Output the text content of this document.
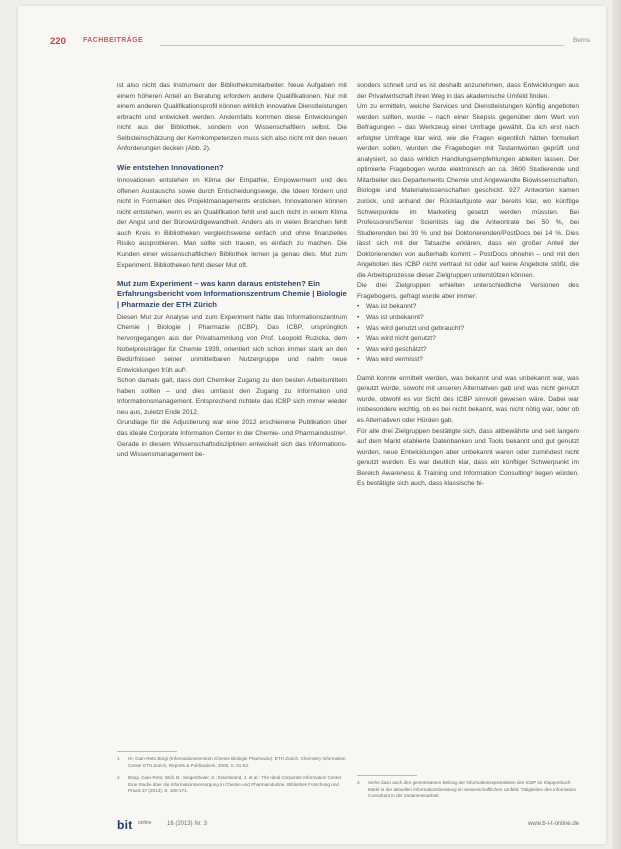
220 FACHBEITRÄGE	Berns

ist also nicht das Instrument der Bibliotheksmitarbeiter. Neue Aufgaben mit einem höheren Anteil an Beratung erfordern andere Qualifikationen. Nur mit einem anderen Qualifikationsprofil können wirklich innovative Dienstleistungen erbracht und entwickelt werden. Andernfalls kommen diese Entwicklungen nicht aus der Bibliothek, sondern von Wissenschaftlern selbst. Die Selbsteinschätzung der Kernkompetenzen muss sich also nicht mit den neuen Anforderungen decken (Abb. 2).

Wie entstehen Innovationen?

Innovationen entstehen im Klima der Empathie, Empowerment und des offenen Austauschs sowie durch Entscheidungswege, die Ideen fördern und nicht in Formalien des Projektmanagements ersticken. Innovationen können nicht entstehen, wenn es an Qualifikation fehlt und auch nicht in einem Klima der Angst und der Bürowürdigewandheit. Anders als in vielen Branchen fehlt auch Kreis in Bibliotheken vergleichsweise einfach und ohne finanzielles Risiko ausprobieren. Man sollte sich trauen, es einfach zu machen. Die Kunden einer wissenschaftlichen Bibliothek lernen ja genau dies. Mut zum Experiment. Bibliotheken fehlt dieser Mut oft.

Mut zum Experiment – was kann daraus entstehen? Ein Erfahrungsbericht vom Informationszentrum Chemie | Biologie | Pharmazie der ETH Zürich

Diesen Mut zur Analyse und zum Experiment hatte das Informationszentrum Chemie | Biologie | Pharmazie (ICBP). Das ICBP, ursprünglich hervorgegangen aus der Privatsammlung von Prof. Leopold Ruzicka, dem Nobelpreisträger für Chemie 1939, orientiert sich schon immer stark an den Bedürfnissen seiner unmittelbaren Nutzergruppe und nahm neue Entwicklungen früh auf¹.

Schon damals galt, dass dort Chemiker Zugang zu den besten Arbeitsmitteln haben sollten – und dies umfasst den Zugang zu Information und Informationsmanagement. Entsprechend richtete das ICBP sich immer wieder neu aus, zuletzt Ende 2012.

Grundlage für die Adjustierung war eine 2012 erschienene Publikation über das ideale Corporate Information Center in der Chemie- und Pharmaindustrie². Gerade in diesem Wissenschaftsdisziplinen entwickelt sich das Informations- und Wissensmanagement be-

1 Hr. Gian-Reto Bürgi (Informationszentrum Chemie Biologie Pharmazie), ETH Zürich. Chemistry Information Center ETH Zurich, Reports & Publications, 2005, S. 51-52.
2 Bürgi, Gian-Reto; Woll, B.; Siegenthaler, S.; Eisenbrand, J. et al.: The Ideal Corporate Information Center. Eine Studie über die Informationsversorgung in Chemie und Pharmaindustrie. Bibliothek Forschung und Praxis 37 (2013), S. 160-171.

sonders schnell und es ist deshalb anzunehmen, dass Entwicklungen aus der Privatwirtschaft ihren Weg in das akademische Umfeld finden.

Um zu ermitteln, welche Services und Dienstleistungen künftig angeboten werden sollten, wurde – nach einer Skepsis gegenüber dem Wert von Befragungen – das Werkzeug einer Umfrage gewählt. Da ich erst nach erfolgter Umfrage klar wird, wie die Fragen eigentlich hätten formuliert werden sollen, wurden die Fragebogen mit Testantworten geprüft und analysiert, so dass wirklich Handlungsempfehlungen ableiten lassen. Der optimierte Fragebogen wurde elektronisch an ca. 3600 Studierende und Mitarbeiter des Departements Chemie und Angewandte Biowissenschaften, Biologie und Materialwissenschaften geschickt. 927 Antworten kamen zurück, und anhand der Rücklaufquote war bereits klar, wo künftige Schwerpunkte im Marketing gesetzt werden müssten. Bei Professoren/Senior Scientists lag die Antwortrate bei 50 %, bei Studierenden bei 30 % und bei Doktorierenden/PostDocs bei 14 %. Dies lässt sich mit der Tatsache erklären, dass ein großer Anteil der Doktorierenden von außerhalb kommt – PostDocs ohnehin – und mit den Angeboten des ICBP nicht vertraut ist oder auf keine Angebote stößt, die die Arbeitsprozesse dieser Zielgruppen unterstützen können.

Die drei Zielgruppen erhielten unterschiedliche Versionen des Fragebogens, gefragt wurde aber immer:

• Was ist bekannt?
• Was ist unbekannt?
• Was wird genutzt und gebraucht?
• Was wird nicht genutzt?
• Was wird geschätzt?
• Was wird vermisst?

Damit konnte ermittelt werden, was bekannt und was unbekannt war, was genutzt wurde, sowohl mit unseren Alternativen gab und was nicht genutzt wurde, obwohl es vor Sicht des ICBP sinnvoll gewesen wäre. Dabei war insbesondere wichtig, ob es bei nicht bekannt, was nicht nötig war, oder ob es Alternativen oder Hürden gab.

Für alle drei Zielgruppen bestätigte sich, dass altbewährte und seit langem auf dem Markt etablierte Datenbanken und Tools bekannt und gut genutzt wurden, neue Entwicklungen aber unbekannt waren oder zumindest nicht genutzt wurden. Es war deutlich klar, dass ein künftiger Schwerpunkt im Bereich Awareness & Training und Information Consulting³ liegen würden. Es bestätigte sich auch, dass klassische bi-

3 Siehe dazu auch den gemeinsamen Beitrag der Informationsspezialisten des ICBP im Klappenbuch Markt in der aktuellen Informationsberatung im wissenschaftlichen Umfeld: Tätigkeiten des Information Consultant in der Zusammenarbeit.
bit online	16 (2013) Nr. 3	www.b-i-t-online.de
